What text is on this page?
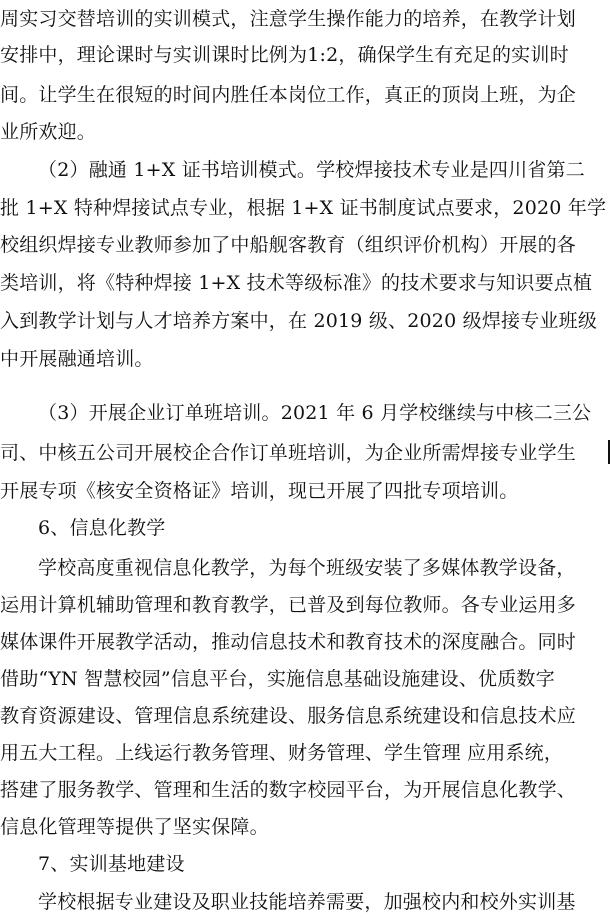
周实习交替培训的实训模式，注意学生操作能力的培养，在教学计划
安排中，理论课时与实训课时比例为1:2，确保学生有充足的实训时
间。让学生在很短的时间内胜任本岗位工作，真正的顶岗上班，为企
业所欢迎。
（2）融通 1+X 证书培训模式。学校焊接技术专业是四川省第二
批 1+X 特种焊接试点专业，根据 1+X 证书制度试点要求，2020 年学
校组织焊接专业教师参加了中船舰客教育（组织评价机构）开展的各
类培训，将《特种焊接 1+X 技术等级标准》的技术要求与知识要点植
入到教学计划与人才培养方案中，在 2019 级、2020 级焊接专业班级
中开展融通培训。
（3）开展企业订单班培训。2021 年 6 月学校继续与中核二三公
司、中核五公司开展校企合作订单班培训，为企业所需焊接专业学生
开展专项《核安全资格证》培训，现已开展了四批专项培训。
6、信息化教学
学校高度重视信息化教学，为每个班级安装了多媒体教学设备，
运用计算机辅助管理和教育教学，已普及到每位教师。各专业运用多
媒体课件开展教学活动，推动信息技术和教育技术的深度融合。同时
借助“YN 智慧校园”信息平台，实施信息基础设施建设、优质数字
教育资源建设、管理信息系统建设、服务信息系统建设和信息技术应
用五大工程。上线运行教务管理、财务管理、学生管理 应用系统，
搭建了服务教学、管理和生活的数字校园平台，为开展信息化教学、
信息化管理等提供了坚实保障。
7、实训基地建设
学校根据专业建设及职业技能培养需要，加强校内和校外实训基
